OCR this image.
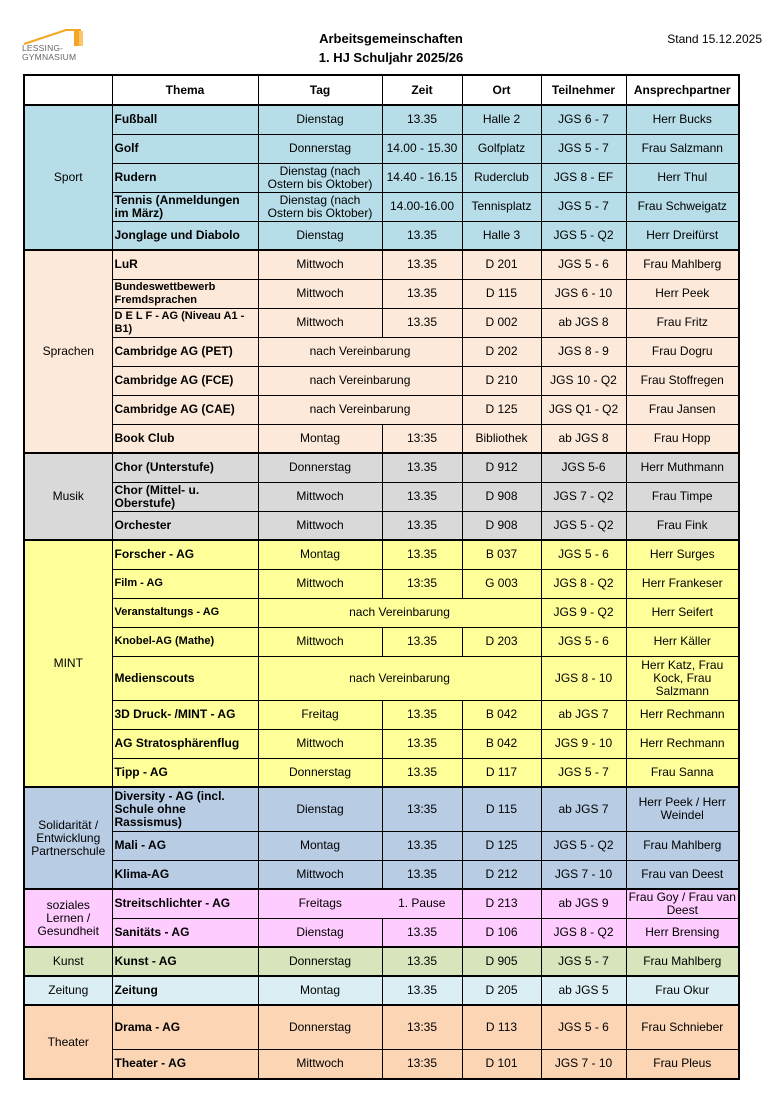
LESSING-
GYMNASIUM
Arbeitsgemeinschaften
1. HJ Schuljahr 2025/26
Stand 15.12.2025
	Thema	Tag	Zeit	Ort	Teilnehmer	Ansprechpartner
Sport	Fußball	Dienstag	13.35	Halle 2	JGS 6 - 7	Herr Bucks
	Golf	Donnerstag	14.00 - 15.30	Golfplatz	JGS 5 - 7	Frau Salzmann
	Rudern	Dienstag (nach Ostern bis Oktober)	14.40 - 16.15	Ruderclub	JGS 8 - EF	Herr Thul
	Tennis (Anmeldungen im März)	Dienstag (nach Ostern bis Oktober)	14.00-16.00	Tennisplatz	JGS 5 - 7	Frau Schweigatz
	Jonglage und Diabolo	Dienstag	13.35	Halle 3	JGS 5 - Q2	Herr Dreifürst
Sprachen	LuR	Mittwoch	13.35	D 201	JGS 5 - 6	Frau Mahlberg
	Bundeswettbewerb Fremdsprachen	Mittwoch	13.35	D 115	JGS 6 - 10	Herr Peek
	D E L F - AG (Niveau A1 - B1)	Mittwoch	13.35	D 002	ab JGS 8	Frau Fritz
	Cambridge AG (PET)	nach Vereinbarung		D 202	JGS 8 - 9	Frau Dogru
	Cambridge AG (FCE)	nach Vereinbarung		D 210	JGS 10 - Q2	Frau Stoffregen
	Cambridge AG (CAE)	nach Vereinbarung		D 125	JGS Q1 - Q2	Frau Jansen
	Book Club	Montag	13:35	Bibliothek	ab JGS 8	Frau Hopp
Musik	Chor (Unterstufe)	Donnerstag	13.35	D 912	JGS 5-6	Herr Muthmann
	Chor (Mittel- u. Oberstufe)	Mittwoch	13.35	D 908	JGS 7 - Q2	Frau Timpe
	Orchester	Mittwoch	13.35	D 908	JGS 5 - Q2	Frau Fink
MINT	Forscher - AG	Montag	13.35	B 037	JGS 5 - 6	Herr Surges
	Film - AG	Mittwoch	13:35	G 003	JGS 8 - Q2	Herr Frankeser
	Veranstaltungs - AG	nach Vereinbarung			JGS 9 - Q2	Herr Seifert
	Knobel-AG (Mathe)	Mittwoch	13.35	D 203	JGS 5 - 6	Herr Käller
	Medienscouts	nach Vereinbarung			JGS 8 - 10	Herr Katz, Frau Kock, Frau Salzmann
	3D Druck- /MINT - AG	Freitag	13.35	B 042	ab JGS 7	Herr Rechmann
	AG Stratosphärenflug	Mittwoch	13.35	B 042	JGS 9 - 10	Herr Rechmann
	Tipp - AG	Donnerstag	13.35	D 117	JGS 5 - 7	Frau Sanna
Solidarität / Entwicklung Partnerschule	Diversity - AG (incl. Schule ohne Rassismus)	Dienstag	13:35	D 115	ab JGS 7	Herr Peek / Herr Weindel
	Mali - AG	Montag	13.35	D 125	JGS 5 - Q2	Frau Mahlberg
	Klima-AG	Mittwoch	13.35	D 212	JGS 7 - 10	Frau van Deest
soziales Lernen / Gesundheit	Streitschlichter - AG	Freitags	1. Pause	D 213	ab JGS 9	Frau Goy / Frau van Deest
	Sanitäts - AG	Dienstag	13.35	D 106	JGS 8 - Q2	Herr Brensing
Kunst	Kunst - AG	Donnerstag	13.35	D 905	JGS 5 - 7	Frau Mahlberg
Zeitung	Zeitung	Montag	13.35	D 205	ab JGS 5	Frau Okur
Theater	Drama - AG	Donnerstag	13:35	D 113	JGS 5 - 6	Frau Schnieber
	Theater - AG	Mittwoch	13:35	D 101	JGS 7 - 10	Frau Pleus
